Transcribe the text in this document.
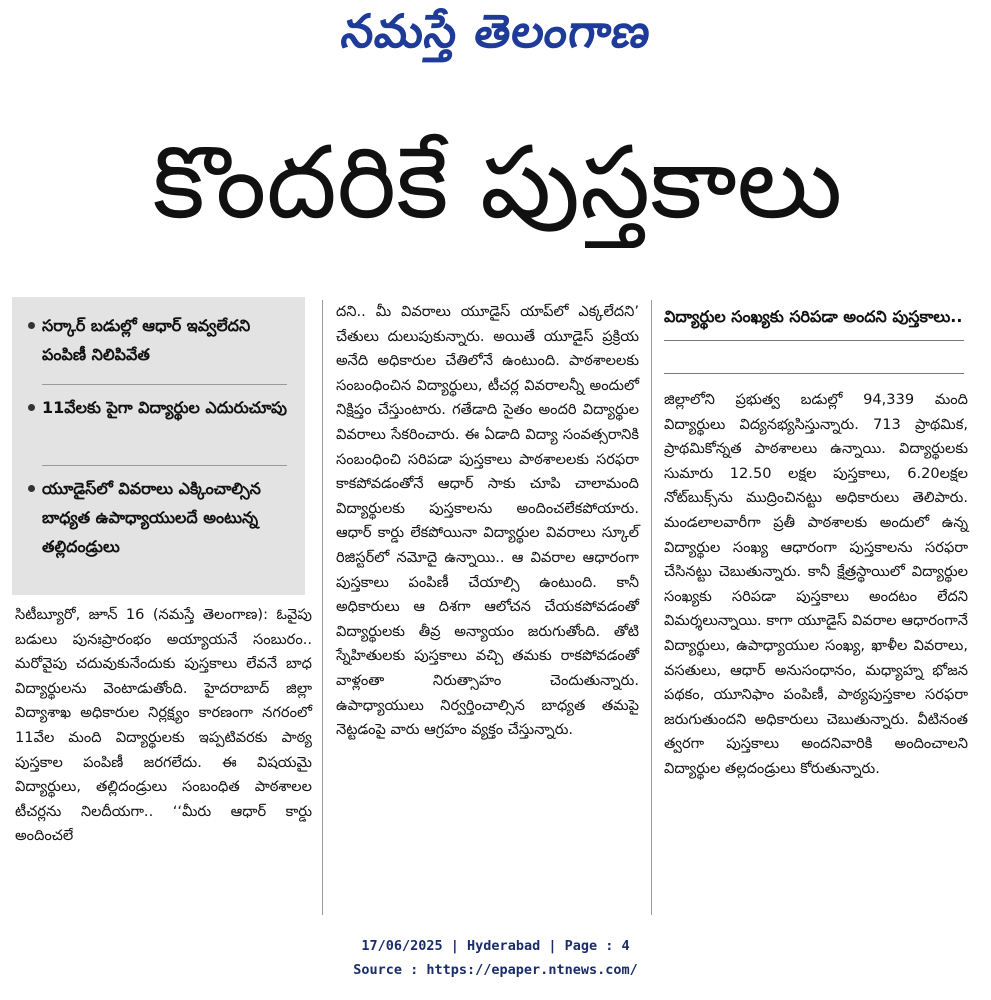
నమస్తే తెలంగాణ
కొందరికే పుస్తకాలు
సర్కార్ బడుల్లో ఆధార్ ఇవ్వలేదని పంపిణీ నిలిపివేత
11వేలకు పైగా విద్యార్థుల ఎదురుచూపు
యూడైస్‌లో వివరాలు ఎక్కించాల్సిన బాధ్యత ఉపాధ్యాయులదే అంటున్న తల్లిదండ్రులు

సిటీబ్యూరో, జూన్ 16 (నమస్తే తెలంగాణ): ఓవైపు బడులు పునఃప్రారంభం అయ్యాయనే సంబురం.. మరోవైపు చదువుకునేందుకు పుస్తకాలు లేవనే బాధ విద్యార్థులను వెంటాడుతోంది. హైదరాబాద్ జిల్లా విద్యాశాఖ అధికారుల నిర్లక్ష్యం కారణంగా నగరంలో 11వేల మంది విద్యార్థులకు ఇప్పటివరకు పాఠ్య పుస్తకాల పంపిణీ జరగలేదు. ఈ విషయమై విద్యార్థులు, తల్లిదండ్రులు సంబంధిత పాఠశాలల టీచర్లను నిలదీయగా.. ‘‘మీరు ఆధార్ కార్డు అందించలే

దని.. మీ వివరాలు యూడైస్ యాప్‌లో ఎక్కలేదని’ చేతులు దులుపుకున్నారు. అయితే యూడైస్ ప్రక్రియ అనేది అధికారుల చేతిలోనే ఉంటుంది. పాఠశాలలకు సంబంధించిన విద్యార్థులు, టీచర్ల వివరాలన్నీ అందులో నిక్షిప్తం చేస్తుంటారు. గతేడాది సైతం అందరి విద్యార్థుల వివరాలు సేకరించారు. ఈ ఏడాది విద్యా సంవత్సరానికి సంబంధించి సరిపడా పుస్తకాలు పాఠశాలలకు సరఫరా కాకపోవడంతోనే ఆధార్ సాకు చూపి చాలామంది విద్యార్థులకు పుస్తకాలను అందించలేకపోయారు. ఆధార్ కార్డు లేకపోయినా విద్యార్థుల వివరాలు స్కూల్ రిజిస్టర్‌లో నమోదై ఉన్నాయి.. ఆ వివరాల ఆధారంగా పుస్తకాలు పంపిణీ చేయాల్సి ఉంటుంది. కానీ అధికారులు ఆ దిశగా ఆలోచన చేయకపోవడంతో విద్యార్థులకు తీవ్ర అన్యాయం జరుగుతోంది. తోటి స్నేహితులకు పుస్తకాలు వచ్చి తమకు రాకపోవడంతో వాళ్లంతా నిరుత్సాహం చెందుతున్నారు. ఉపాధ్యాయులు నిర్వర్తించాల్సిన బాధ్యత తమపై నెట్టడంపై వారు ఆగ్రహం వ్యక్తం చేస్తున్నారు.

విద్యార్థుల సంఖ్యకు సరిపడా అందని పుస్తకాలు..

జిల్లాలోని ప్రభుత్వ బడుల్లో 94,339 మంది విద్యార్థులు విద్యనభ్యసిస్తున్నారు. 713 ప్రాథమిక, ప్రాథమికోన్నత పాఠశాలలు ఉన్నాయి. విద్యార్థులకు సుమారు 12.50 లక్షల పుస్తకాలు, 6.20లక్షల నోట్‌బుక్స్‌ను ముద్రించినట్టు అధికారులు తెలిపారు. మండలాలవారీగా ప్రతీ పాఠశాలకు అందులో ఉన్న విద్యార్థుల సంఖ్య ఆధారంగా పుస్తకాలను సరఫరా చేసినట్టు చెబుతున్నారు. కానీ క్షేత్రస్థాయిలో విద్యార్థుల సంఖ్యకు సరిపడా పుస్తకాలు అందటం లేదని విమర్శలున్నాయి. కాగా యూడైస్ వివరాల ఆధారంగానే విద్యార్థులు, ఉపాధ్యాయుల సంఖ్య, ఖాళీల వివరాలు, వసతులు, ఆధార్ అనుసంధానం, మధ్యాహ్న భోజన పథకం, యూనిఫాం పంపిణీ, పాఠ్యపుస్తకాల సరఫరా జరుగుతుందని అధికారులు చెబుతున్నారు. వీటినంత త్వరగా పుస్తకాలు అందనివారికి అందించాలని విద్యార్థుల తల్లదండ్రులు కోరుతున్నారు.

17/06/2025 | Hyderabad | Page : 4
Source : https://epaper.ntnews.com/
